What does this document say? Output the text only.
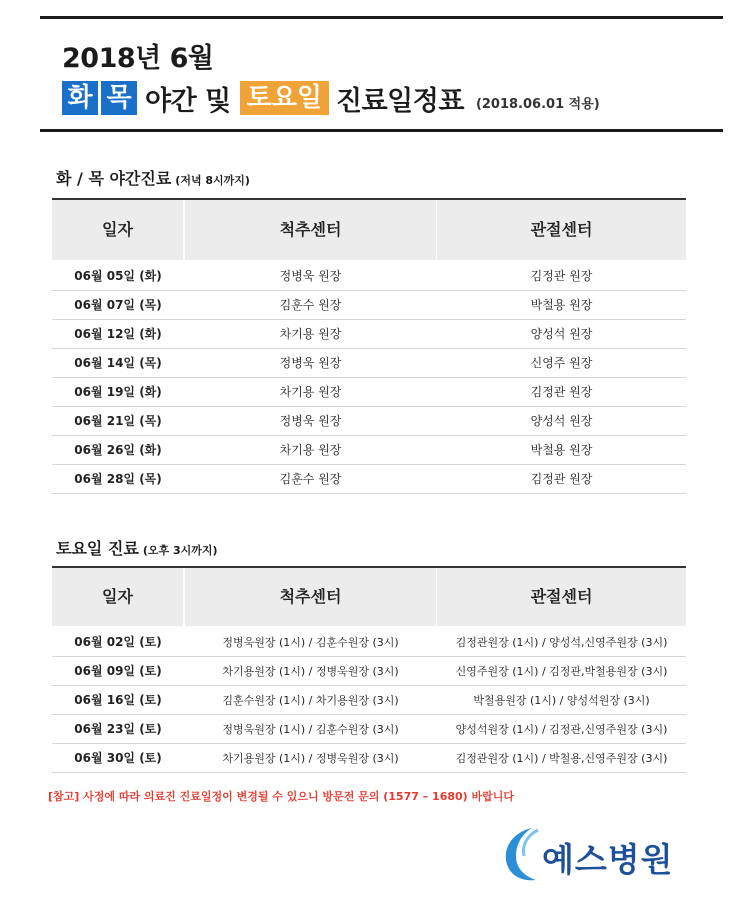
2018년 6월
화 목 야간 및 토요일 진료일정표 (2018.06.01 적용)
화 / 목 야간진료 (저녁 8시까지)
일자	척추센터	관절센터
06월 05일 (화)	정병욱 원장	김정관 원장
06월 07일 (목)	김훈수 원장	박철용 원장
06월 12일 (화)	차기용 원장	양성석 원장
06월 14일 (목)	정병욱 원장	신영주 원장
06월 19일 (화)	차기용 원장	김정관 원장
06월 21일 (목)	정병욱 원장	양성석 원장
06월 26일 (화)	차기용 원장	박철용 원장
06월 28일 (목)	김훈수 원장	김정관 원장
토요일 진료 (오후 3시까지)
일자	척추센터	관절센터
06월 02일 (토)	정병욱원장 (1시) / 김훈수원장 (3시)	김정관원장 (1시) / 양성석,신영주원장 (3시)
06월 09일 (토)	차기용원장 (1시) / 정병욱원장 (3시)	신영주원장 (1시) / 김정관,박철용원장 (3시)
06월 16일 (토)	김훈수원장 (1시) / 차기용원장 (3시)	박철용원장 (1시) / 양성석원장 (3시)
06월 23일 (토)	정병욱원장 (1시) / 김훈수원장 (3시)	양성석원장 (1시) / 김정관,신영주원장 (3시)
06월 30일 (토)	차기용원장 (1시) / 정병욱원장 (3시)	김정관원장 (1시) / 박철용,신영주원장 (3시)
[참고] 사정에 따라 의료진 진료일정이 변경될 수 있으니 방문전 문의 (1577 – 1680) 바랍니다
예스병원
